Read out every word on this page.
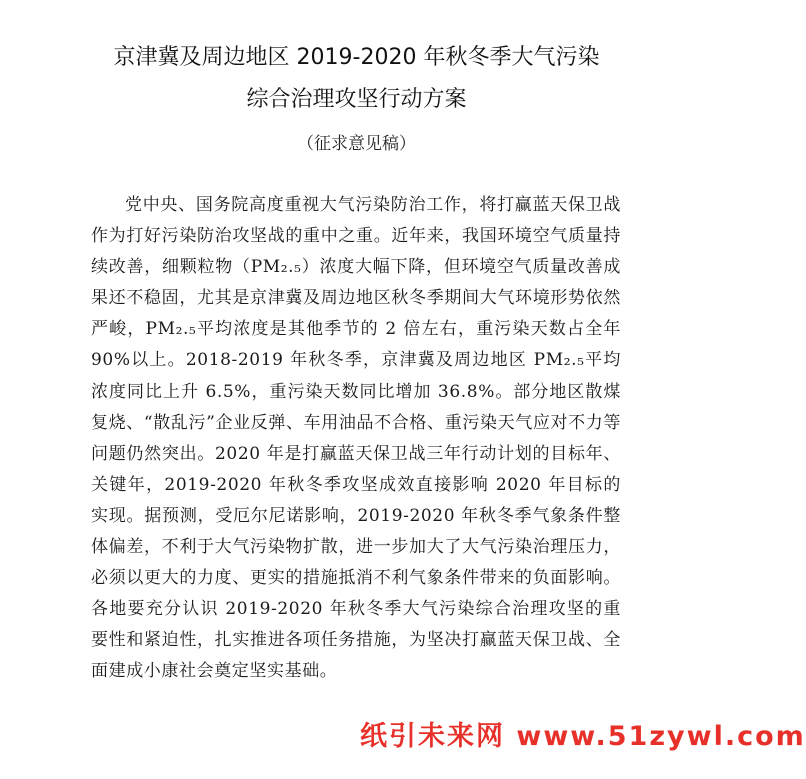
京津冀及周边地区 2019-2020 年秋冬季大气污染
综合治理攻坚行动方案
（征求意见稿）

党中央、国务院高度重视大气污染防治工作，将打赢蓝天保卫战作为打好污染防治攻坚战的重中之重。近年来，我国环境空气质量持续改善，细颗粒物（PM₂.₅）浓度大幅下降，但环境空气质量改善成果还不稳固，尤其是京津冀及周边地区秋冬季期间大气环境形势依然严峻，PM₂.₅平均浓度是其他季节的 2 倍左右，重污染天数占全年 90%以上。2018-2019 年秋冬季，京津冀及周边地区 PM₂.₅平均浓度同比上升 6.5%，重污染天数同比增加 36.8%。部分地区散煤复烧、“散乱污”企业反弹、车用油品不合格、重污染天气应对不力等问题仍然突出。2020 年是打赢蓝天保卫战三年行动计划的目标年、关键年，2019-2020 年秋冬季攻坚成效直接影响 2020 年目标的实现。据预测，受厄尔尼诺影响，2019-2020 年秋冬季气象条件整体偏差，不利于大气污染物扩散，进一步加大了大气污染治理压力，必须以更大的力度、更实的措施抵消不利气象条件带来的负面影响。各地要充分认识 2019-2020 年秋冬季大气污染综合治理攻坚的重要性和紧迫性，扎实推进各项任务措施，为坚决打赢蓝天保卫战、全面建成小康社会奠定坚实基础。

纸引未来网 www.51zywl.com
